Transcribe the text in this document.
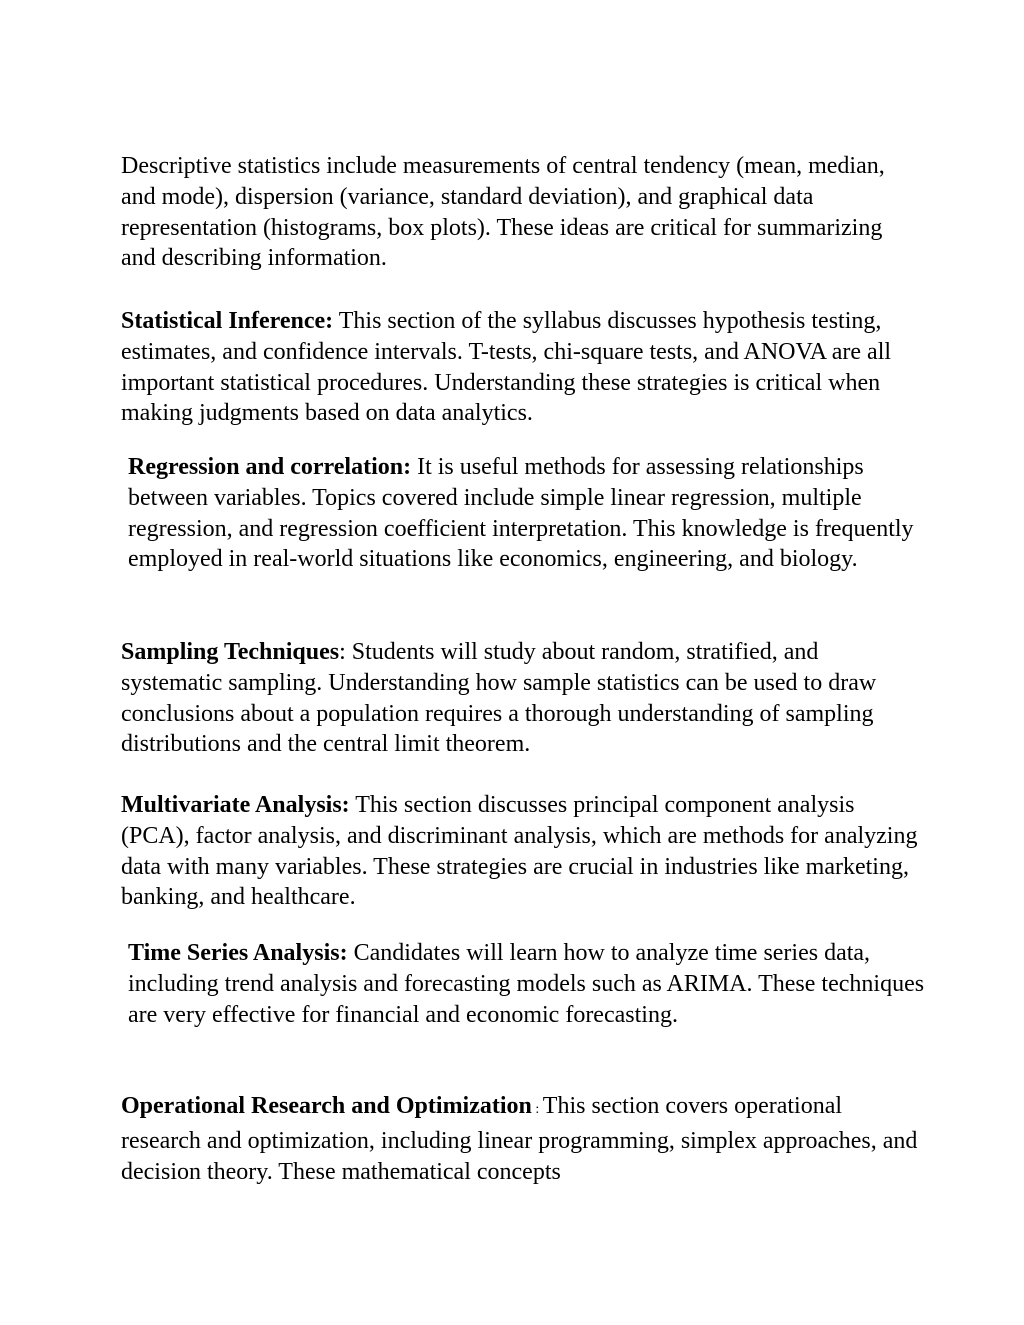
Descriptive statistics include measurements of central tendency (mean, median, and mode), dispersion (variance, standard deviation), and graphical data representation (histograms, box plots). These ideas are critical for summarizing and describing information.

Statistical Inference: This section of the syllabus discusses hypothesis testing, estimates, and confidence intervals. T-tests, chi-square tests, and ANOVA are all important statistical procedures. Understanding these strategies is critical when making judgments based on data analytics.

Regression and correlation: It is useful methods for assessing relationships between variables. Topics covered include simple linear regression, multiple regression, and regression coefficient interpretation. This knowledge is frequently employed in real-world situations like economics, engineering, and biology.

Sampling Techniques: Students will study about random, stratified, and systematic sampling. Understanding how sample statistics can be used to draw conclusions about a population requires a thorough understanding of sampling distributions and the central limit theorem.

Multivariate Analysis: This section discusses principal component analysis (PCA), factor analysis, and discriminant analysis, which are methods for analyzing data with many variables. These strategies are crucial in industries like marketing, banking, and healthcare.

Time Series Analysis: Candidates will learn how to analyze time series data, including trend analysis and forecasting models such as ARIMA. These techniques are very effective for financial and economic forecasting.

Operational Research and Optimization : This section covers operational research and optimization, including linear programming, simplex approaches, and decision theory. These mathematical concepts
